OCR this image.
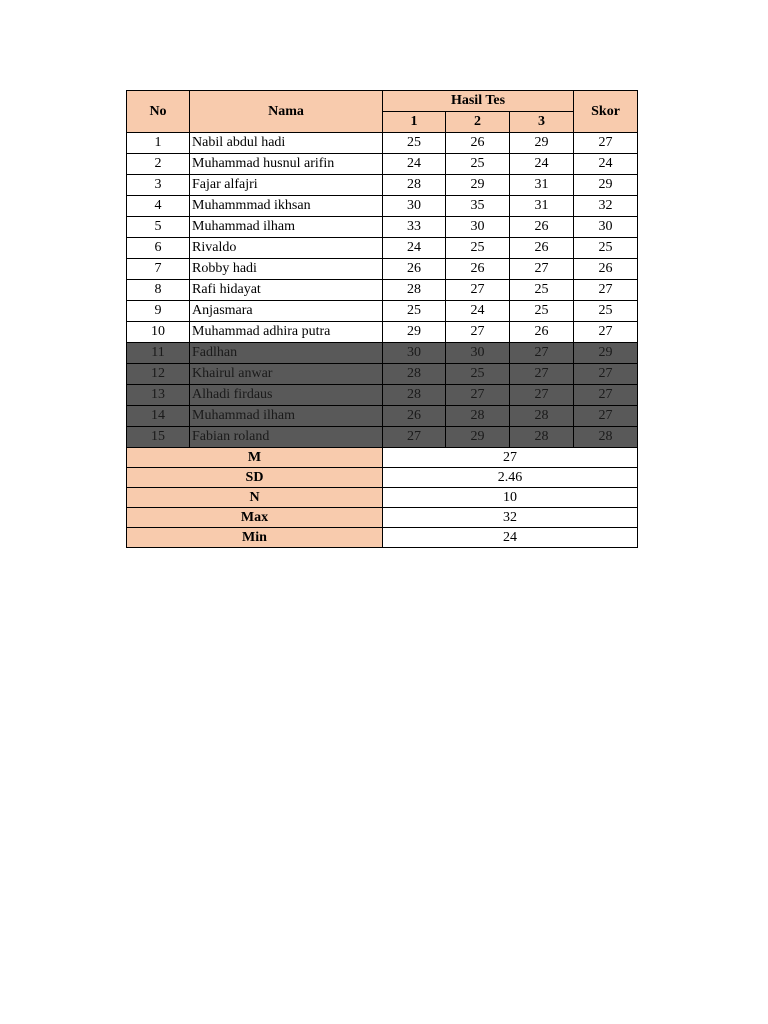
No	Nama	Hasil Tes			Skor
		1	2	3	
1	Nabil abdul hadi	25	26	29	27
2	Muhammad husnul arifin	24	25	24	24
3	Fajar alfajri	28	29	31	29
4	Muhammmad ikhsan	30	35	31	32
5	Muhammad ilham	33	30	26	30
6	Rivaldo	24	25	26	25
7	Robby hadi	26	26	27	26
8	Rafi hidayat	28	27	25	27
9	Anjasmara	25	24	25	25
10	Muhammad adhira putra	29	27	26	27
11	Fadlhan	30	30	27	29
12	Khairul anwar	28	25	27	27
13	Alhadi firdaus	28	27	27	27
14	Muhammad ilham	26	28	28	27
15	Fabian roland	27	29	28	28
M		27			
SD		2.46			
N		10			
Max		32			
Min		24			
